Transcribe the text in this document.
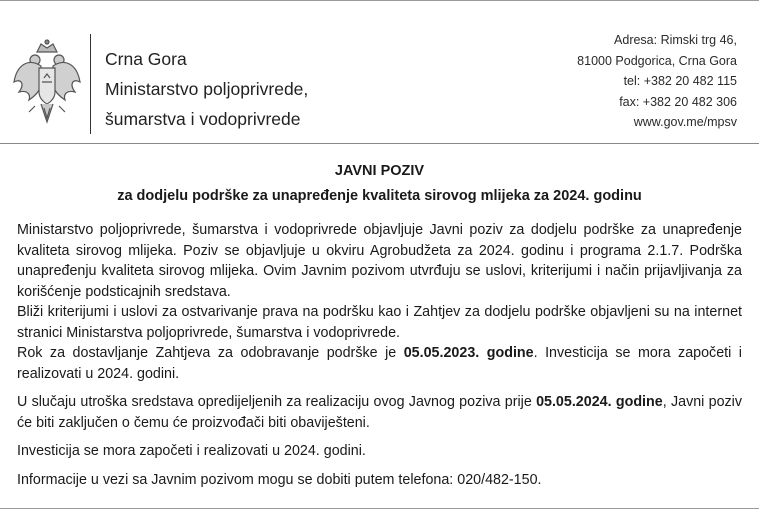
Crna Gora
Ministarstvo poljoprivrede,
šumarstva i vodoprivrede
Adresa: Rimski trg 46,
81000 Podgorica, Crna Gora
tel: +382 20 482 115
fax: +382 20 482 306
www.gov.me/mpsv
JAVNI POZIV
za dodjelu podrške za unapređenje kvaliteta sirovog mlijeka za 2024. godinu

Ministarstvo poljoprivrede, šumarstva i vodoprivrede objavljuje Javni poziv za dodjelu podrške za unapređenje kvaliteta sirovog mlijeka. Poziv se objavljuje u okviru Agrobudžeta za 2024. godinu i programa 2.1.7. Podrška unapređenju kvaliteta sirovog mlijeka. Ovim Javnim pozivom utvrđuju se uslovi, kriterijumi i način prijavljivanja za korišćenje podsticajnih sredstava.

Bliži kriterijumi i uslovi za ostvarivanje prava na podršku kao i Zahtjev za dodjelu podrške objavljeni su na internet stranici Ministarstva poljoprivrede, šumarstva i vodoprivrede.

Rok za dostavljanje Zahtjeva za odobravanje podrške je 05.05.2023. godine. Investicija se mora započeti i realizovati u 2024. godini.

U slučaju utroška sredstava opredijeljenih za realizaciju ovog Javnog poziva prije 05.05.2024. godine, Javni poziv će biti zaključen o čemu će proizvođači biti obaviješteni.

Investicija se mora započeti i realizovati u 2024. godini.

Informacije u vezi sa Javnim pozivom mogu se dobiti putem telefona: 020/482-150.
